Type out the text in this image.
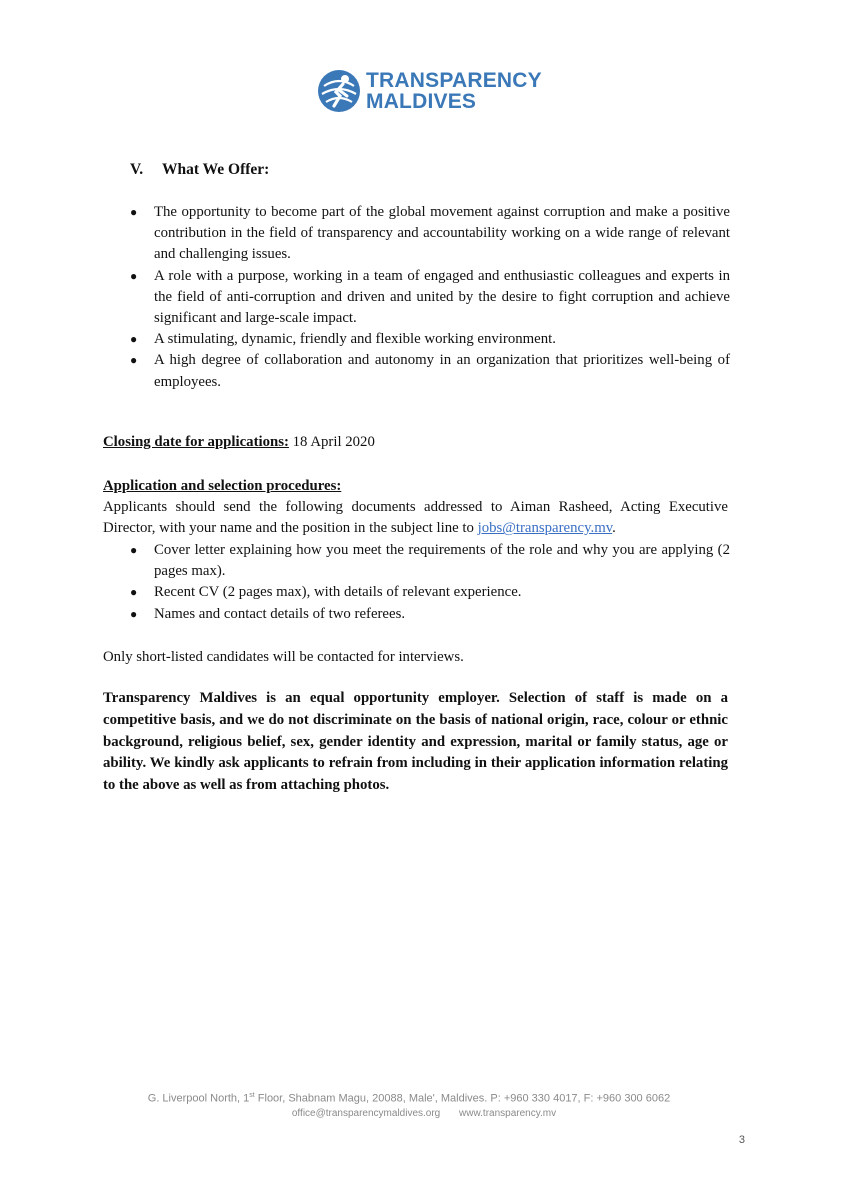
TRANSPARENCY
MALDIVES
V. What We Offer:
● The opportunity to become part of the global movement against corruption and make a positive contribution in the field of transparency and accountability working on a wide range of relevant and challenging issues.
● A role with a purpose, working in a team of engaged and enthusiastic colleagues and experts in the field of anti-corruption and driven and united by the desire to fight corruption and achieve significant and large-scale impact.
● A stimulating, dynamic, friendly and flexible working environment.
● A high degree of collaboration and autonomy in an organization that prioritizes well-being of employees.
Closing date for applications: 18 April 2020
Application and selection procedures:
Applicants should send the following documents addressed to Aiman Rasheed, Acting Executive Director, with your name and the position in the subject line to jobs@transparency.mv.
● Cover letter explaining how you meet the requirements of the role and why you are applying (2 pages max).
● Recent CV (2 pages max), with details of relevant experience.
● Names and contact details of two referees.
Only short-listed candidates will be contacted for interviews.
Transparency Maldives is an equal opportunity employer. Selection of staff is made on a competitive basis, and we do not discriminate on the basis of national origin, race, colour or ethnic background, religious belief, sex, gender identity and expression, marital or family status, age or ability. We kindly ask applicants to refrain from including in their application information relating to the above as well as from attaching photos.
G. Liverpool North, 1st Floor, Shabnam Magu, 20088, Male', Maldives. P: +960 330 4017, F: +960 300 6062
office@transparencymaldives.org www.transparency.mv
3
